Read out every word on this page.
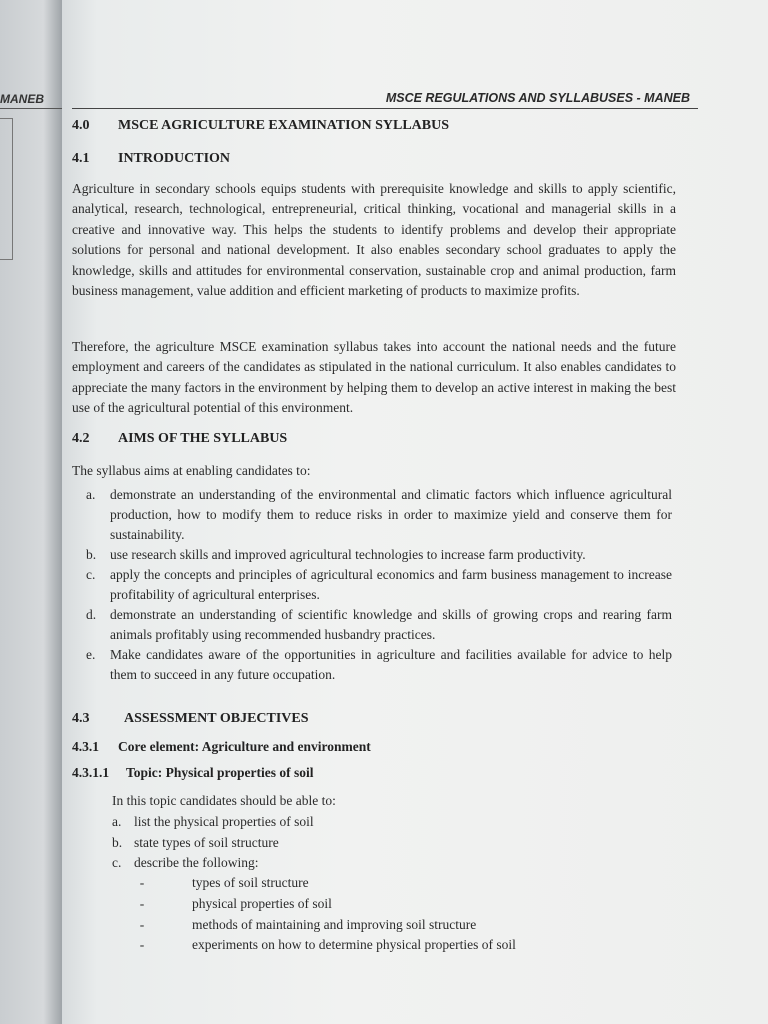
MANEB	MSCE REGULATIONS AND SYLLABUSES - MANEB
4.0 MSCE AGRICULTURE EXAMINATION SYLLABUS
4.1 INTRODUCTION

Agriculture in secondary schools equips students with prerequisite knowledge and skills to apply scientific, analytical, research, technological, entrepreneurial, critical thinking, vocational and managerial skills in a creative and innovative way. This helps the students to identify problems and develop their appropriate solutions for personal and national development. It also enables secondary school graduates to apply the knowledge, skills and attitudes for environmental conservation, sustainable crop and animal production, farm business management, value addition and efficient marketing of products to maximize profits.

Therefore, the agriculture MSCE examination syllabus takes into account the national needs and the future employment and careers of the candidates as stipulated in the national curriculum. It also enables candidates to appreciate the many factors in the environment by helping them to develop an active interest in making the best use of the agricultural potential of this environment.

4.2 AIMS OF THE SYLLABUS
The syllabus aims at enabling candidates to:
a. demonstrate an understanding of the environmental and climatic factors which influence agricultural production, how to modify them to reduce risks in order to maximize yield and conserve them for sustainability.
b. use research skills and improved agricultural technologies to increase farm productivity.
c. apply the concepts and principles of agricultural economics and farm business management to increase profitability of agricultural enterprises.
d. demonstrate an understanding of scientific knowledge and skills of growing crops and rearing farm animals profitably using recommended husbandry practices.
e. Make candidates aware of the opportunities in agriculture and facilities available for advice to help them to succeed in any future occupation.
4.3 ASSESSMENT OBJECTIVES
4.3.1 Core element: Agriculture and environment
4.3.1.1 Topic: Physical properties of soil
In this topic candidates should be able to:
a. list the physical properties of soil
b. state types of soil structure
c. describe the following:
-	types of soil structure
-	physical properties of soil
-	methods of maintaining and improving soil structure
-	experiments on how to determine physical properties of soil
